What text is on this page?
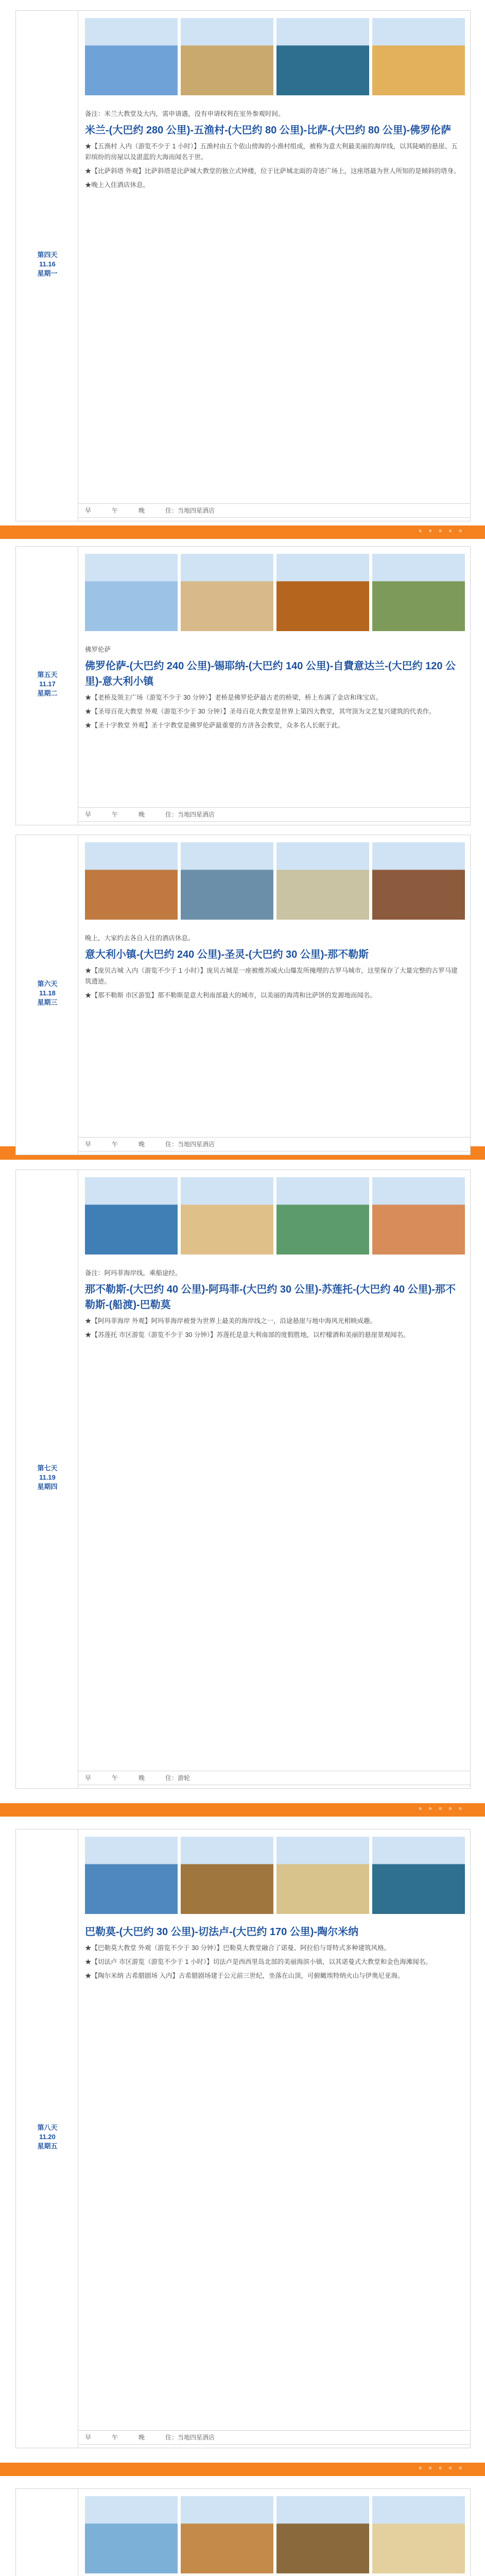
● ● ● ● ●
● ● ● ● ●
● ● ● ● ●
第四天
11.16
星期一
备注：米兰大教堂及大内，需申请遇，没有申请权利在室外参观时间。
米兰-(大巴约 280 公里)-五渔村-(大巴约 80 公里)-比萨-(大巴约 80 公里)-佛罗伦萨
★【五渔村 入内（游览不少于 1 小时）】五渔村由五个依山傍海的小渔村组成，被称为意大利最美丽的海岸线，以其陡峭的悬崖、五彩缤纷的房屋以及湛蓝的大海而闻名于世。
★【比萨斜塔 外观】比萨斜塔是比萨城大教堂的独立式钟楼，位于比萨城北面的奇迹广场上，这座塔最为世人所知的是倾斜的塔身。
★晚上入住酒店休息。
早	午	晚	住：当地四星酒店
第五天
11.17
星期二
佛罗伦萨
佛罗伦萨-(大巴约 240 公里)-锡耶纳-(大巴约 140 公里)-自費意达兰-(大巴约 120 公里)-意大利小镇
★【老桥及领主广场（游览不少于 30 分钟）】老桥是佛罗伦萨最古老的桥梁，桥上布满了金店和珠宝店。
★【圣母百花大教堂 外观（游览不少于 30 分钟）】圣母百花大教堂是世界上第四大教堂，其穹顶为文艺复兴建筑的代表作。
★【圣十字教堂 外观】圣十字教堂是佛罗伦萨最重要的方济各会教堂，众多名人长眠于此。
早	午	晚	住：当地四星酒店
第六天
11.18
星期三
晚上，大家约去各自入住的酒店休息。
意大利小镇-(大巴约 240 公里)-圣灵-(大巴约 30 公里)-那不勒斯
★【庞贝古城 入内（游览不少于 1 小时）】庞贝古城是一座被维苏威火山爆发所掩埋的古罗马城市，这里保存了大量完整的古罗马建筑遗迹。
★【那不勒斯 市区游览】那不勒斯是意大利南部最大的城市，以美丽的海湾和比萨饼的发源地而闻名。
早	午	晚	住：当地四星酒店
第七天
11.19
星期四
备注：阿玛菲海岸线，乘船途经。
那不勒斯-(大巴约 40 公里)-阿玛菲-(大巴约 30 公里)-苏莲托-(大巴约 40 公里)-那不勒斯-(船渡)-巴勒莫
★【阿玛菲海岸 外观】阿玛菲海岸被誉为世界上最美的海岸线之一，沿途悬崖与地中海风光相映成趣。
★【苏莲托 市区游览（游览不少于 30 分钟）】苏莲托是意大利南部的度假胜地，以柠檬酒和美丽的悬崖景观闻名。
早	午	晚	住：游轮
第八天
11.20
星期五
巴勒莫-(大巴约 30 公里)-切法卢-(大巴约 170 公里)-陶尔米纳
★【巴勒莫大教堂 外观（游览不少于 30 分钟）】巴勒莫大教堂融合了诺曼、阿拉伯与哥特式多种建筑风格。
★【切法卢 市区游览（游览不少于 1 小时）】切法卢是西西里岛北部的美丽海滨小镇，以其诺曼式大教堂和金色海滩闻名。
★【陶尔米纳 古希腊剧场 入内】古希腊剧场建于公元前三世纪，坐落在山顶，可俯瞰埃特纳火山与伊奥尼亚海。
早	午	晚	住：当地四星酒店
